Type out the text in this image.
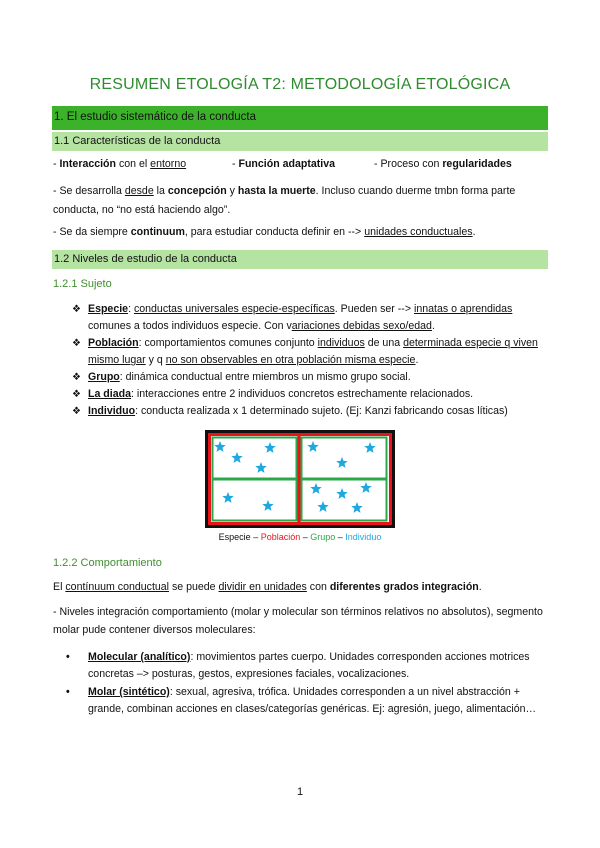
RESUMEN ETOLOGÍA T2: METODOLOGÍA ETOLÓGICA
1. El estudio sistemático de la conducta
1.1 Características de la conducta
- Interacción con el entorno	- Función adaptativa	- Proceso con regularidades
- Se desarrolla desde la concepción y hasta la muerte. Incluso cuando duerme tmbn forma parte conducta, no “no está haciendo algo”.
- Se da siempre continuum, para estudiar conducta definir en --> unidades conductuales.
1.2 Niveles de estudio de la conducta
1.2.1 Sujeto
❖ Especie: conductas universales especie-específicas. Pueden ser --> innatas o aprendidas comunes a todos individuos especie. Con variaciones debidas sexo/edad.
❖ Población: comportamientos comunes conjunto individuos de una determinada especie q viven mismo lugar y q no son observables en otra población misma especie.
❖ Grupo: dinámica conductual entre miembros un mismo grupo social.
❖ La diada: interacciones entre 2 individuos concretos estrechamente relacionados.
❖ Individuo: conducta realizada x 1 determinado sujeto. (Ej: Kanzi fabricando cosas líticas)
Especie – Población – Grupo – Individuo
1.2.2 Comportamiento
El contínuum conductual se puede dividir en unidades con diferentes grados integración.
- Niveles integración comportamiento (molar y molecular son términos relativos no absolutos), segmento molar pude contener diversos moleculares:
• Molecular (analítico): movimientos partes cuerpo. Unidades corresponden acciones motrices concretas –> posturas, gestos, expresiones faciales, vocalizaciones.
• Molar (sintético): sexual, agresiva, trófica. Unidades corresponden a un nivel abstracción + grande, combinan acciones en clases/categorías genéricas. Ej: agresión, juego, alimentación…
1
